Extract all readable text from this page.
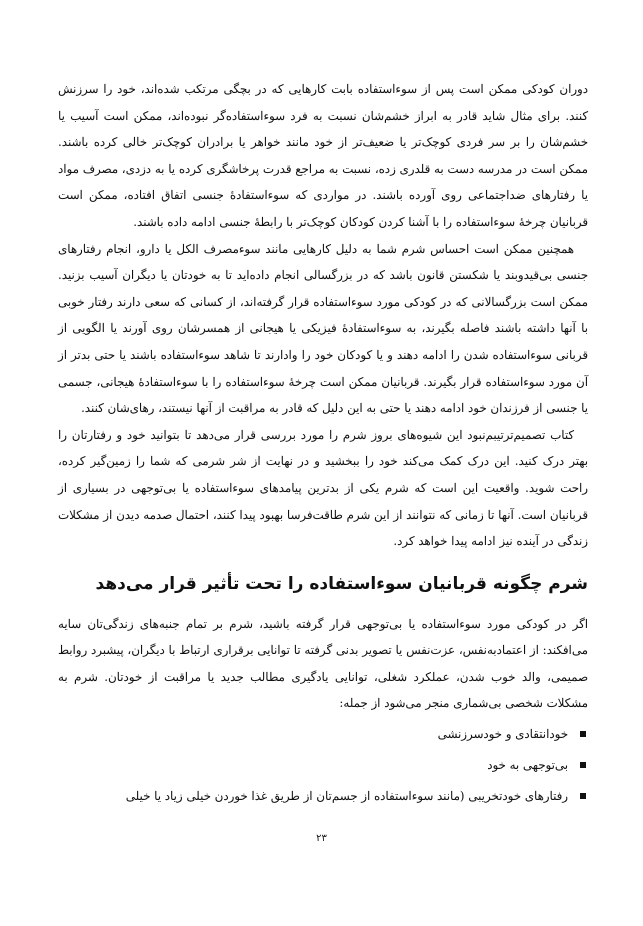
دوران کودکی ممکن است پس از سوءاستفاده بابت کارهایی که در بچگی مرتکب شده‌اند، خود را سرزنش کنند. برای مثال شاید قادر به ابراز خشم‌شان نسبت به فرد سوءاستفاده‌گر نبوده‌اند، ممکن است آسیب یا خشم‌شان را بر سر فردی کوچک‌تر یا ضعیف‌تر از خود مانند خواهر یا برادران کوچک‌تر خالی کرده باشند. ممکن است در مدرسه دست به قلدری زده، نسبت به مراجع قدرت پرخاشگری کرده یا به دزدی، مصرف مواد یا رفتارهای ضداجتماعی روی آورده باشند. در مواردی که سوءاستفادۀ جنسی اتفاق افتاده، ممکن است قربانیان چرخۀ سوءاستفاده را با آشنا کردن کودکان کوچک‌تر با رابطۀ جنسی ادامه داده باشند.

همچنین ممکن است احساس شرم شما به دلیل کارهایی مانند سوءمصرف الکل یا دارو، انجام رفتارهای جنسی بی‌قیدوبند یا شکستن قانون باشد که در بزرگسالی انجام داده‌اید تا به خودتان یا دیگران آسیب بزنید. ممکن است بزرگسالانی که در کودکی مورد سوءاستفاده قرار گرفته‌اند، از کسانی که سعی دارند رفتار خوبی با آنها داشته باشند فاصله بگیرند، به سوءاستفادۀ فیزیکی یا هیجانی از همسرشان روی آورند یا الگویی از قربانی سوءاستفاده شدن را ادامه دهند و یا کودکان خود را وادارند تا شاهد سوءاستفاده باشند یا حتی بدتر از آن مورد سوءاستفاده قرار بگیرند. قربانیان ممکن است چرخۀ سوءاستفاده را با سوءاستفادۀ هیجانی، جسمی یا جنسی از فرزندان خود ادامه دهند یا حتی به این دلیل که قادر به مراقبت از آنها نیستند، رهای‌شان کنند.

کتاب تصمیم‌ترتیبم‌نبود این شیوه‌های بروز شرم را مورد بررسی قرار می‌دهد تا بتوانید خود و رفتارتان را بهتر درک کنید. این درک کمک می‌کند خود را ببخشید و در نهایت از شر شرمی که شما را زمین‌گیر کرده، راحت شوید. واقعیت این است که شرم یکی از بدترین پیامدهای سوءاستفاده یا بی‌توجهی در بسیاری از قربانیان است. آنها تا زمانی که نتوانند از این شرم طاقت‌فرسا بهبود پیدا کنند، احتمال صدمه دیدن از مشکلات زندگی در آینده نیز ادامه پیدا خواهد کرد.

شرم چگونه قربانیان سوءاستفاده را تحت تأثیر قرار می‌دهد

اگر در کودکی مورد سوءاستفاده یا بی‌توجهی قرار گرفته باشید، شرم بر تمام جنبه‌های زندگی‌تان سایه می‌افکند: از اعتماد‌به‌نفس، عزت‌نفس یا تصویر بدنی گرفته تا توانایی برقراری ارتباط با دیگران، پیشبرد روابط صمیمی، والد خوب شدن، عملکرد شغلی، توانایی یادگیری مطالب جدید یا مراقبت از خودتان. شرم به مشکلات شخصی بی‌شماری منجر می‌شود از جمله:

خودانتقادی و خودسرزنشی
بی‌توجهی به خود
رفتارهای خودتخریبی (مانند سوءاستفاده از جسم‌تان از طریق غذا خوردن خیلی زیاد یا خیلی
۲۳
